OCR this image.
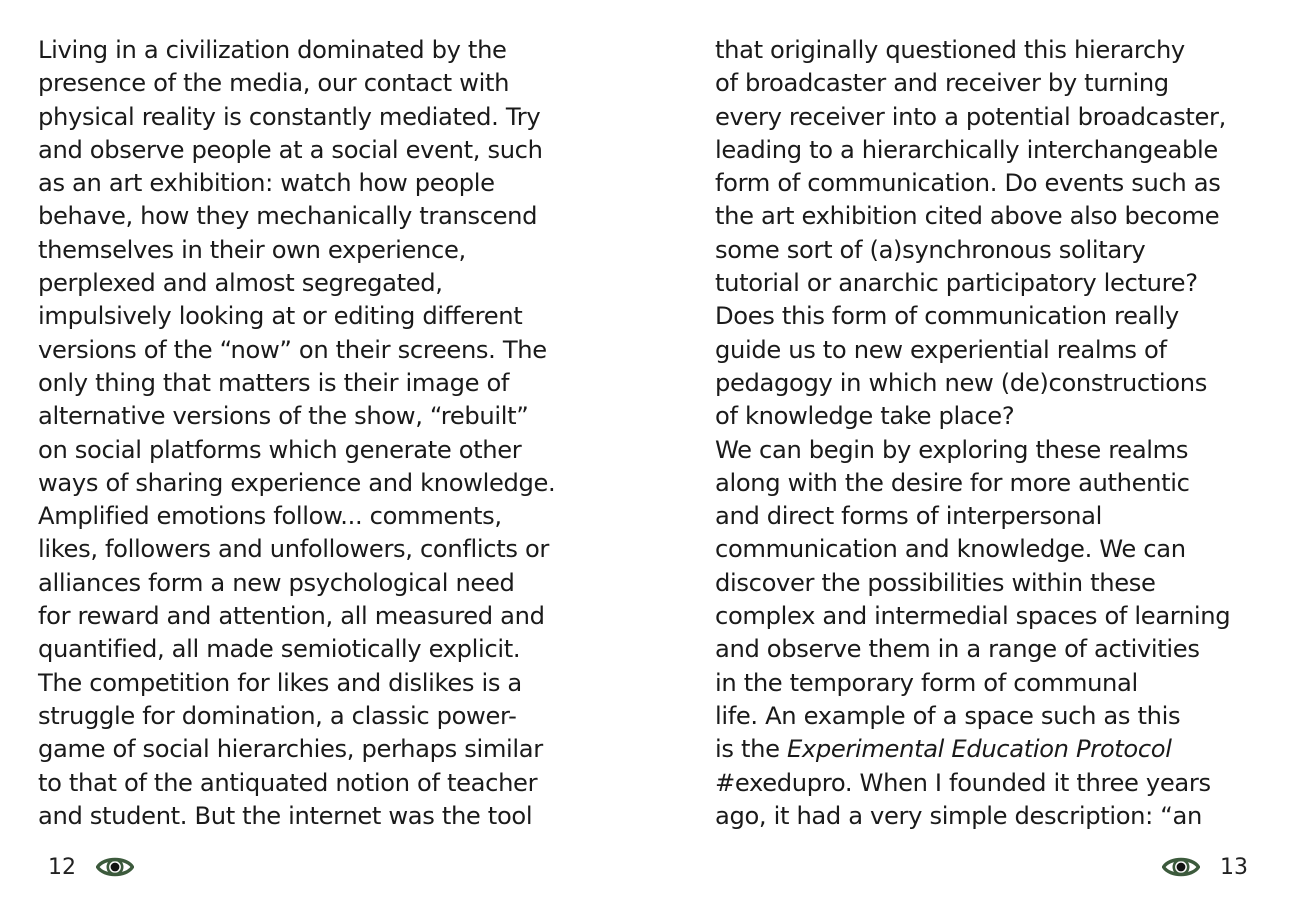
Living in a civilization dominated by the
presence of the media, our contact with
physical reality is constantly mediated. Try
and observe people at a social event, such
as an art exhibition: watch how people
behave, how they mechanically transcend
themselves in their own experience,
perplexed and almost segregated,
impulsively looking at or editing different
versions of the “now” on their screens. The
only thing that matters is their image of
alternative versions of the show, “rebuilt”
on social platforms which generate other
ways of sharing experience and knowledge.
Amplified emotions follow... comments,
likes, followers and unfollowers, conflicts or
alliances form a new psychological need
for reward and attention, all measured and
quantified, all made semiotically explicit.
The competition for likes and dislikes is a
struggle for domination, a classic power-
game of social hierarchies, perhaps similar
to that of the antiquated notion of teacher
and student. But the internet was the tool

12

that originally questioned this hierarchy
of broadcaster and receiver by turning
every receiver into a potential broadcaster,
leading to a hierarchically interchangeable
form of communication. Do events such as
the art exhibition cited above also become
some sort of (a)synchronous solitary
tutorial or anarchic participatory lecture?
Does this form of communication really
guide us to new experiential realms of
pedagogy in which new (de)constructions
of knowledge take place?
We can begin by exploring these realms
along with the desire for more authentic
and direct forms of interpersonal
communication and knowledge. We can
discover the possibilities within these
complex and intermedial spaces of learning
and observe them in a range of activities
in the temporary form of communal
life. An example of a space such as this
is the Experimental Education Protocol
#exedupro. When I founded it three years
ago, it had a very simple description: “an

13
